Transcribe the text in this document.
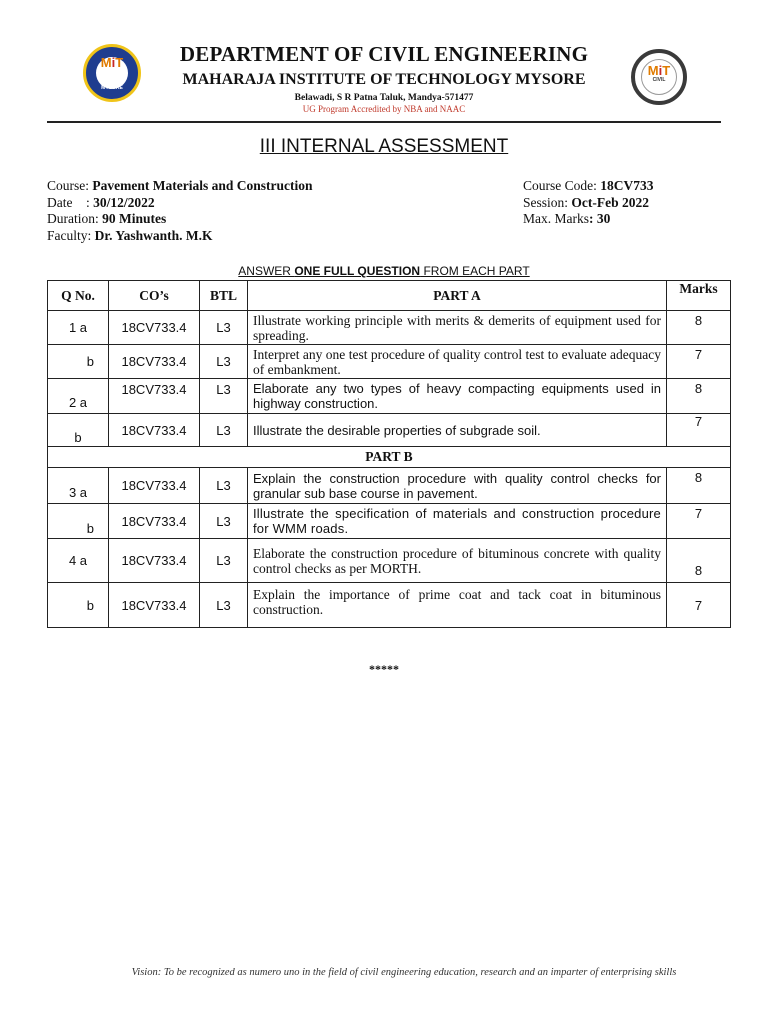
MiT
MYSORE
MiT
CIVIL
DEPARTMENT OF CIVIL ENGINEERING
MAHARAJA INSTITUTE OF TECHNOLOGY MYSORE
Belawadi, S R Patna Taluk, Mandya-571477
UG Program Accredited by NBA and NAAC
III INTERNAL ASSESSMENT
Course: Pavement Materials and Construction
Date    : 30/12/2022
Duration: 90 Minutes
Faculty: Dr. Yashwanth. M.K
Course Code: 18CV733
Session: Oct-Feb 2022
Max. Marks: 30
ANSWER ONE FULL QUESTION FROM EACH PART
Q No.	CO’s	BTL	PART A	Marks
1 a	18CV733.4	L3	Illustrate working principle with merits & demerits of equipment used for spreading.	8
b	18CV733.4	L3	Interpret any one test procedure of quality control test to evaluate adequacy of embankment.	7
2 a	18CV733.4	L3	Elaborate any two types of heavy compacting equipments used in highway construction.	8
b	18CV733.4	L3	Illustrate the desirable properties of subgrade soil.	7
PART B				
3 a	18CV733.4	L3	Explain the construction procedure with quality control checks for granular sub base course in pavement.	8
b	18CV733.4	L3	Illustrate the specification of materials and construction procedure for WMM roads.	7
4 a	18CV733.4	L3	Elaborate the construction procedure of bituminous concrete with quality control checks as per MORTH.	8
b	18CV733.4	L3	Explain the importance of prime coat and tack coat in bituminous construction.	7
*****
Vision: To be recognized as numero uno in the field of civil engineering education, research and an imparter of enterprising skills
